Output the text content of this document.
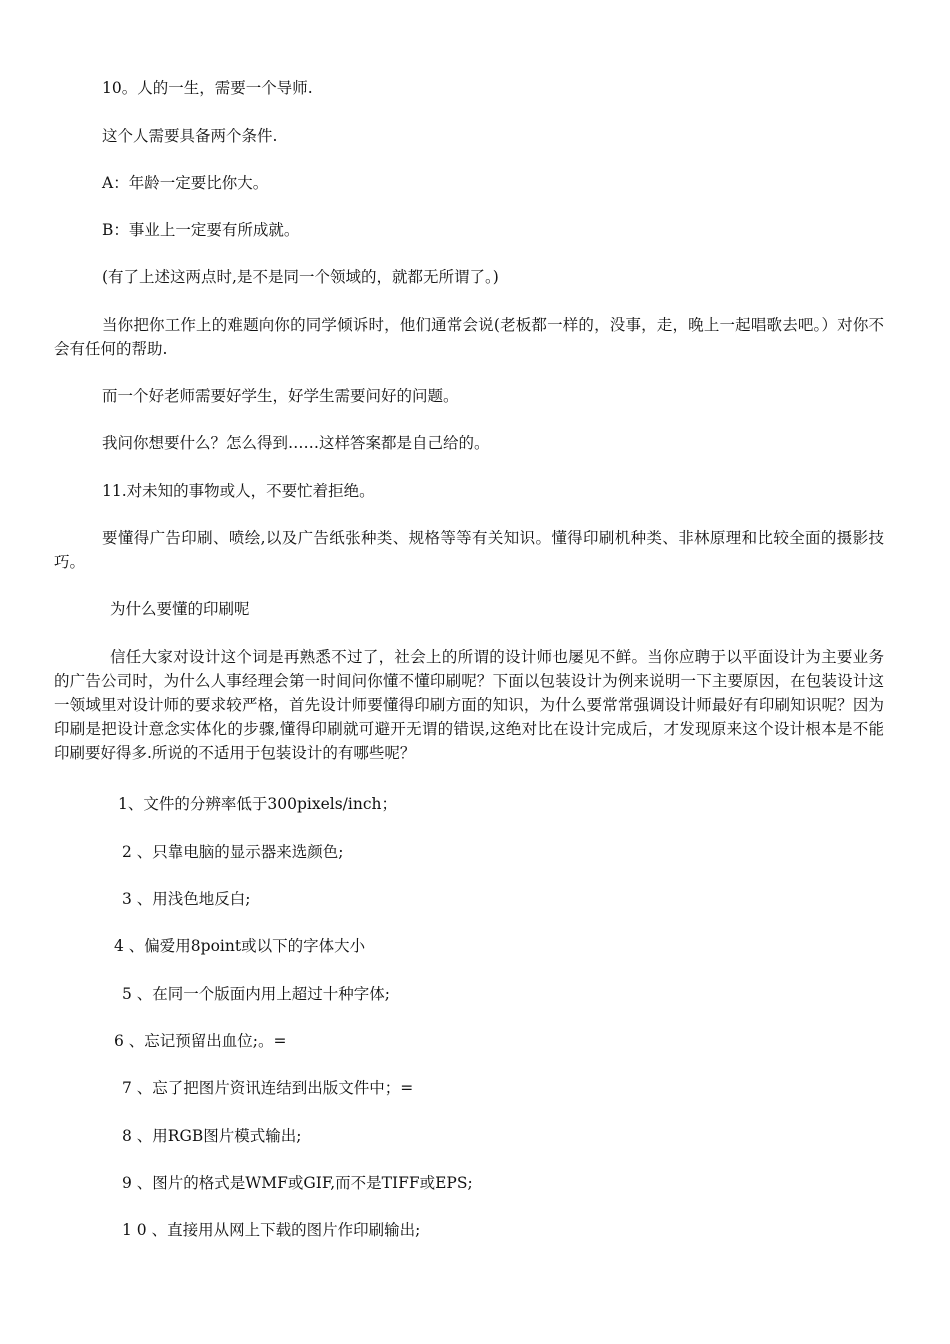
10。人的一生，需要一个导师.

这个人需要具备两个条件.

A：年龄一定要比你大。

B：事业上一定要有所成就。

(有了上述这两点时,是不是同一个领域的，就都无所谓了。)

当你把你工作上的难题向你的同学倾诉时，他们通常会说(老板都一样的，没事，走，晚上一起唱歌去吧。）对你不会有任何的帮助.

而一个好老师需要好学生，好学生需要问好的问题。

我问你想要什么？怎么得到……这样答案都是自己给的。

11.对未知的事物或人，不要忙着拒绝。

要懂得广告印刷、喷绘,以及广告纸张种类、规格等等有关知识。懂得印刷机种类、非林原理和比较全面的摄影技巧。

为什么要懂的印刷呢

信任大家对设计这个词是再熟悉不过了，社会上的所谓的设计师也屡见不鲜。当你应聘于以平面设计为主要业务的广告公司时，为什么人事经理会第一时间问你懂不懂印刷呢？下面以包装设计为例来说明一下主要原因，在包装设计这一领域里对设计师的要求较严格，首先设计师要懂得印刷方面的知识，为什么要常常强调设计师最好有印刷知识呢？因为印刷是把设计意念实体化的步骤,懂得印刷就可避开无谓的错误,这绝对比在设计完成后，才发现原来这个设计根本是不能印刷要好得多.所说的不适用于包装设计的有哪些呢？

1、文件的分辨率低于300pixels/inch；

2 、只靠电脑的显示器来选颜色;

3 、用浅色地反白;

4 、偏爱用8point或以下的字体大小

5 、在同一个版面内用上超过十种字体;

6 、忘记预留出血位;。=

7 、忘了把图片资讯连结到出版文件中；=

8 、用RGB图片模式输出;

9 、图片的格式是WMF或GIF,而不是TIFF或EPS;

1 0 、直接用从网上下载的图片作印刷输出;
